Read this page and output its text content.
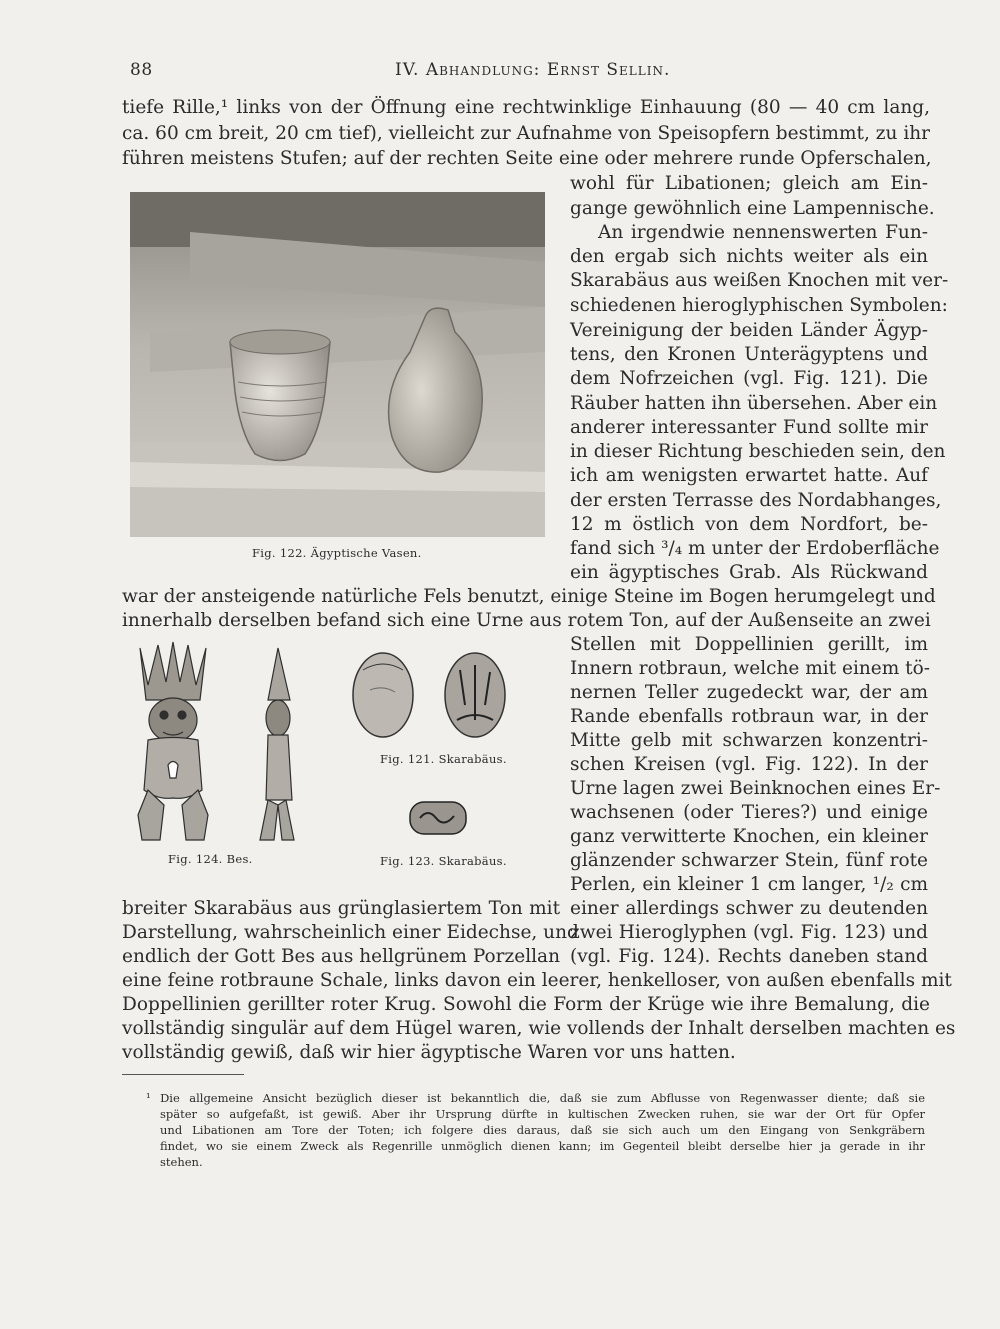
88	IV. Abhandlung: Ernst Sellin.
tiefe Rille,¹ links von der Öffnung eine rechtwinklige Einhauung (80 — 40 cm lang,
ca. 60 cm breit, 20 cm tief), vielleicht zur Aufnahme von Speisopfern bestimmt, zu ihr
führen meistens Stufen; auf der rechten Seite eine oder mehrere runde Opferschalen,
Fig. 122. Ägyptische Vasen.
wohl für Libationen; gleich am Ein-
gange gewöhnlich eine Lampennische.
An irgendwie nennenswerten Fun-
den ergab sich nichts weiter als ein
Skarabäus aus weißen Knochen mit ver-
schiedenen hieroglyphischen Symbolen:
Vereinigung der beiden Länder Ägyp-
tens, den Kronen Unterägyptens und
dem Nofrzeichen (vgl. Fig. 121). Die
Räuber hatten ihn übersehen. Aber ein
anderer interessanter Fund sollte mir
in dieser Richtung beschieden sein, den
ich am wenigsten erwartet hatte. Auf
der ersten Terrasse des Nordabhanges,
12 m östlich von dem Nordfort, be-
fand sich ³/₄ m unter der Erdoberfläche
ein ägyptisches Grab. Als Rückwand
war der ansteigende natürliche Fels benutzt, einige Steine im Bogen herumgelegt und
innerhalb derselben befand sich eine Urne aus rotem Ton, auf der Außenseite an zwei
Fig. 124. Bes.
Fig. 121. Skarabäus.
Fig. 123. Skarabäus.
Stellen mit Doppellinien gerillt, im
Innern rotbraun, welche mit einem tö-
nernen Teller zugedeckt war, der am
Rande ebenfalls rotbraun war, in der
Mitte gelb mit schwarzen konzentri-
schen Kreisen (vgl. Fig. 122). In der
Urne lagen zwei Beinknochen eines Er-
wachsenen (oder Tieres?) und einige
ganz verwitterte Knochen, ein kleiner
glänzender schwarzer Stein, fünf rote
Perlen, ein kleiner 1 cm langer, ¹/₂ cm
breiter Skarabäus aus grünglasiertem Ton mit
Darstellung, wahrscheinlich einer Eidechse, und
endlich der Gott Bes aus hellgrünem Porzellan
einer allerdings schwer zu deutenden
zwei Hieroglyphen (vgl. Fig. 123) und
(vgl. Fig. 124). Rechts daneben stand
eine feine rotbraune Schale, links davon ein leerer, henkelloser, von außen ebenfalls mit
Doppellinien gerillter roter Krug. Sowohl die Form der Krüge wie ihre Bemalung, die
vollständig singulär auf dem Hügel waren, wie vollends der Inhalt derselben machten es
vollständig gewiß, daß wir hier ägyptische Waren vor uns hatten.
¹ Die allgemeine Ansicht bezüglich dieser ist bekanntlich die, daß sie zum Abflusse von Regenwasser diente; daß sie
später so aufgefaßt, ist gewiß. Aber ihr Ursprung dürfte in kultischen Zwecken ruhen, sie war der Ort für Opfer
und Libationen am Tore der Toten; ich folgere dies daraus, daß sie sich auch um den Eingang von Senkgräbern
findet, wo sie einem Zweck als Regenrille unmöglich dienen kann; im Gegenteil bleibt derselbe hier ja gerade in ihr
stehen.
